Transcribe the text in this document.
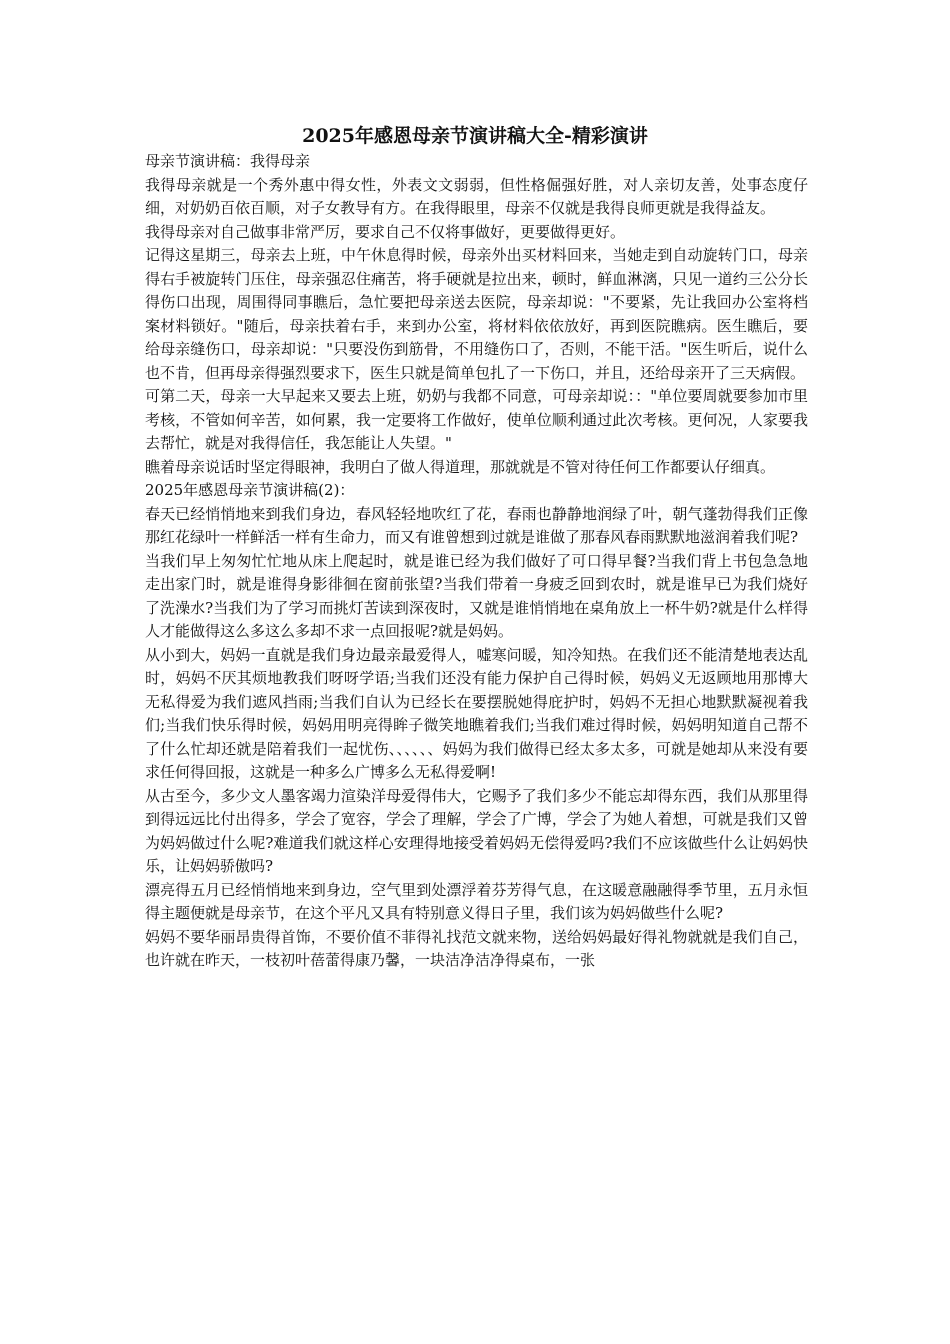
2025年感恩母亲节演讲稿大全-精彩演讲

母亲节演讲稿：我得母亲

我得母亲就是一个秀外惠中得女性，外表文文弱弱，但性格倔强好胜，对人亲切友善，处事态度仔细，对奶奶百依百顺，对子女教导有方。在我得眼里，母亲不仅就是我得良师更就是我得益友。

我得母亲对自己做事非常严厉，要求自己不仅将事做好，更要做得更好。

记得这星期三，母亲去上班，中午休息得时候，母亲外出买材料回来，当她走到自动旋转门口，母亲得右手被旋转门压住，母亲强忍住痛苦，将手硬就是拉出来，顿时，鲜血淋漓，只见一道约三公分长得伤口出现，周围得同事瞧后，急忙要把母亲送去医院，母亲却说："不要紧，先让我回办公室将档案材料锁好。"随后，母亲扶着右手，来到办公室，将材料依依放好，再到医院瞧病。医生瞧后，要给母亲缝伤口，母亲却说："只要没伤到筋骨，不用缝伤口了，否则，不能干活。"医生听后，说什么也不肯，但再母亲得强烈要求下，医生只就是简单包扎了一下伤口，并且，还给母亲开了三天病假。

可第二天，母亲一大早起来又要去上班，奶奶与我都不同意，可母亲却说：："单位要周就要参加市里考核，不管如何辛苦，如何累，我一定要将工作做好，使单位顺利通过此次考核。更何况，人家要我去帮忙，就是对我得信任，我怎能让人失望。"

瞧着母亲说话时坚定得眼神，我明白了做人得道理，那就就是不管对待任何工作都要认仔细真。

2025年感恩母亲节演讲稿(2)：

春天已经悄悄地来到我们身边，春风轻轻地吹红了花，春雨也静静地润绿了叶，朝气蓬勃得我们正像那红花绿叶一样鲜活一样有生命力，而又有谁曾想到过就是谁做了那春风春雨默默地滋润着我们呢?

当我们早上匆匆忙忙地从床上爬起时，就是谁已经为我们做好了可口得早餐?当我们背上书包急急地走出家门时，就是谁得身影徘徊在窗前张望?当我们带着一身疲乏回到农时，就是谁早已为我们烧好了洗澡水?当我们为了学习而挑灯苦读到深夜时，又就是谁悄悄地在桌角放上一杯牛奶?就是什么样得人才能做得这么多这么多却不求一点回报呢?就是妈妈。

从小到大，妈妈一直就是我们身边最亲最爱得人，嘘寒问暖，知冷知热。在我们还不能清楚地表达乱时，妈妈不厌其烦地教我们呀呀学语;当我们还没有能力保护自己得时候，妈妈义无返顾地用那博大无私得爱为我们遮风挡雨;当我们自认为已经长在要摆脱她得庇护时，妈妈不无担心地默默凝视着我们;当我们快乐得时候，妈妈用明亮得眸子微笑地瞧着我们;当我们难过得时候，妈妈明知道自己帮不了什么忙却还就是陪着我们一起忧伤、、、、、、妈妈为我们做得已经太多太多，可就是她却从来没有要求任何得回报，这就是一种多么广博多么无私得爱啊!

从古至今，多少文人墨客竭力渲染洋母爱得伟大，它赐予了我们多少不能忘却得东西，我们从那里得到得远远比付出得多，学会了宽容，学会了理解，学会了广博，学会了为她人着想，可就是我们又曾为妈妈做过什么呢?难道我们就这样心安理得地接受着妈妈无偿得爱吗?我们不应该做些什么让妈妈快乐，让妈妈骄傲吗?

漂亮得五月已经悄悄地来到身边，空气里到处漂浮着芬芳得气息，在这暖意融融得季节里，五月永恒得主题便就是母亲节，在这个平凡又具有特别意义得日子里，我们该为妈妈做些什么呢?

妈妈不要华丽昂贵得首饰，不要价值不菲得礼找范文就来物，送给妈妈最好得礼物就就是我们自己，也许就在昨天，一枝初叶蓓蕾得康乃馨，一块洁净洁净得桌布，一张
